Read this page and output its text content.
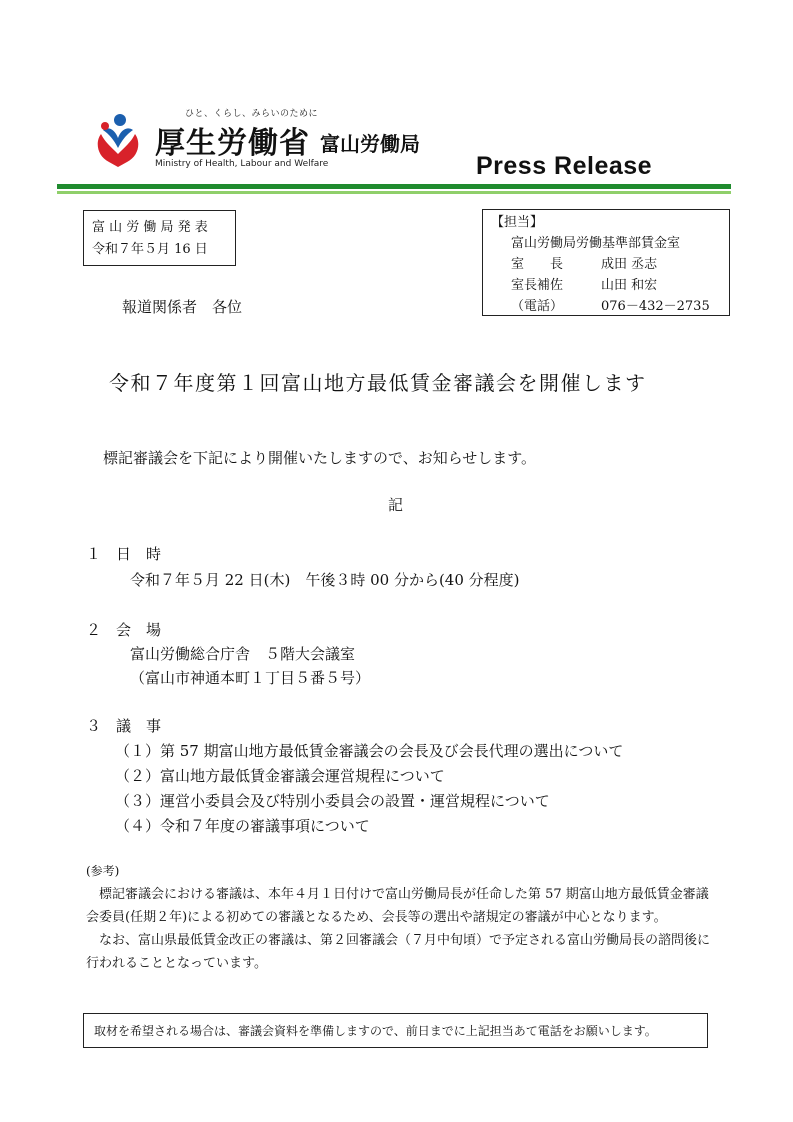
ひと、くらし、みらいのために
厚生労働省 富山労働局
Ministry of Health, Labour and Welfare	Press Release
富 山 労 働 局 発 表
令和７年５月 16 日
【担当】
富山労働局労働基準部賃金室
室　　長	成田 丞志
室長補佐	山田 和宏
（電話）	076－432－2735
報道関係者　各位
令和７年度第１回富山地方最低賃金審議会を開催します
標記審議会を下記により開催いたしますので、お知らせします。
記
１　日　時
令和７年５月 22 日(木)　午後３時 00 分から(40 分程度)
２　会　場
富山労働総合庁舎　５階大会議室
（富山市神通本町１丁目５番５号）
３　議　事
（１）第 57 期富山地方最低賃金審議会の会長及び会長代理の選出について
（２）富山地方最低賃金審議会運営規程について
（３）運営小委員会及び特別小委員会の設置・運営規程について
（４）令和７年度の審議事項について
(参考)

標記審議会における審議は、本年４月１日付けで富山労働局長が任命した第 57 期富山地方最低賃金審議会委員(任期２年)による初めての審議となるため、会長等の選出や諸規定の審議が中心となります。

なお、富山県最低賃金改正の審議は、第２回審議会（７月中旬頃）で予定される富山労働局長の諮問後に行われることとなっています。

取材を希望される場合は、審議会資料を準備しますので、前日までに上記担当あて電話をお願いします。
